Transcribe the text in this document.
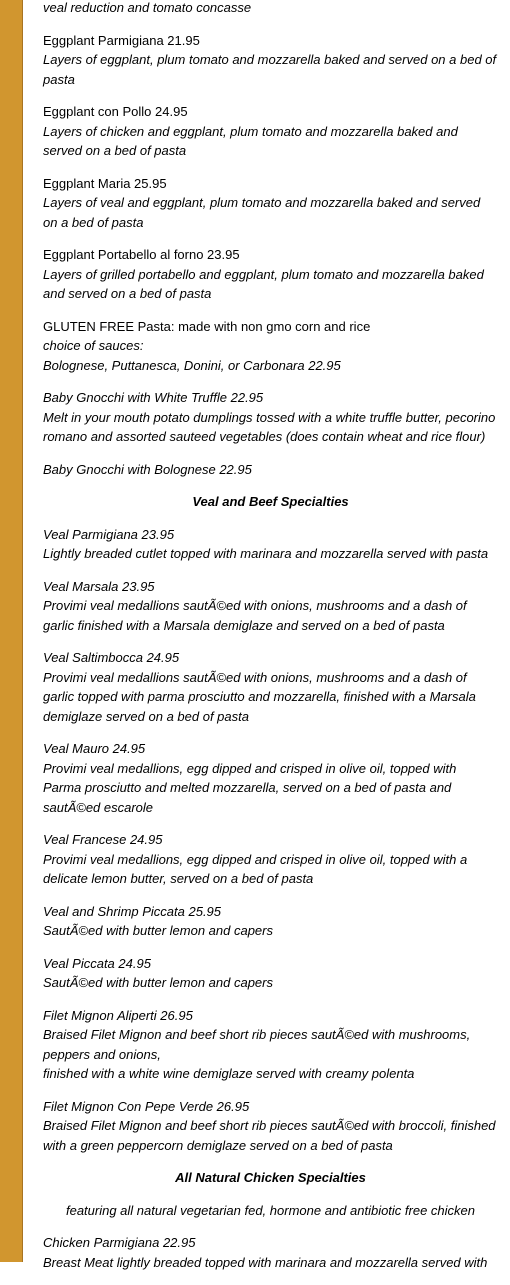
veal reduction and tomato concasse

Eggplant Parmigiana 21.95

Layers of eggplant, plum tomato and mozzarella baked and served on a bed of pasta

Eggplant con Pollo 24.95

Layers of chicken and eggplant, plum tomato and mozzarella baked and served on a bed of pasta

Eggplant Maria 25.95

Layers of veal and eggplant, plum tomato and mozzarella baked and served on a bed of pasta

Eggplant Portabello al forno 23.95

Layers of grilled portabello and eggplant, plum tomato and mozzarella baked and served on a bed of pasta

GLUTEN FREE Pasta: made with non gmo corn and rice

choice of sauces:

Bolognese, Puttanesca, Donini, or Carbonara 22.95

Baby Gnocchi with White Truffle 22.95

Melt in your mouth potato dumplings tossed with a white truffle butter, pecorino romano and assorted sauteed vegetables (does contain wheat and rice flour)

Baby Gnocchi with Bolognese 22.95

Veal and Beef Specialties

Veal Parmigiana 23.95

Lightly breaded cutlet topped with marinara and mozzarella served with pasta

Veal Marsala 23.95

Provimi veal medallions sautÃ©ed with onions, mushrooms and a dash of garlic finished with a Marsala demiglaze and served on a bed of pasta

Veal Saltimbocca 24.95

Provimi veal medallions sautÃ©ed with onions, mushrooms and a dash of garlic topped with parma prosciutto and mozzarella, finished with a Marsala demiglaze served on a bed of pasta

Veal Mauro 24.95

Provimi veal medallions, egg dipped and crisped in olive oil, topped with Parma prosciutto and melted mozzarella, served on a bed of pasta and sautÃ©ed escarole

Veal Francese 24.95

Provimi veal medallions, egg dipped and crisped in olive oil, topped with a delicate lemon butter, served on a bed of pasta

Veal and Shrimp Piccata 25.95

SautÃ©ed with butter lemon and capers

Veal Piccata 24.95

SautÃ©ed with butter lemon and capers

Filet Mignon Aliperti 26.95

Braised Filet Mignon and beef short rib pieces sautÃ©ed with mushrooms, peppers and onions,

finished with a white wine demiglaze served with creamy polenta

Filet Mignon Con Pepe Verde 26.95

Braised Filet Mignon and beef short rib pieces sautÃ©ed with broccoli, finished with a green peppercorn demiglaze served on a bed of pasta

All Natural Chicken Specialties
featuring all natural vegetarian fed, hormone and antibiotic free chicken

Chicken Parmigiana 22.95

Breast Meat lightly breaded topped with marinara and mozzarella served with
